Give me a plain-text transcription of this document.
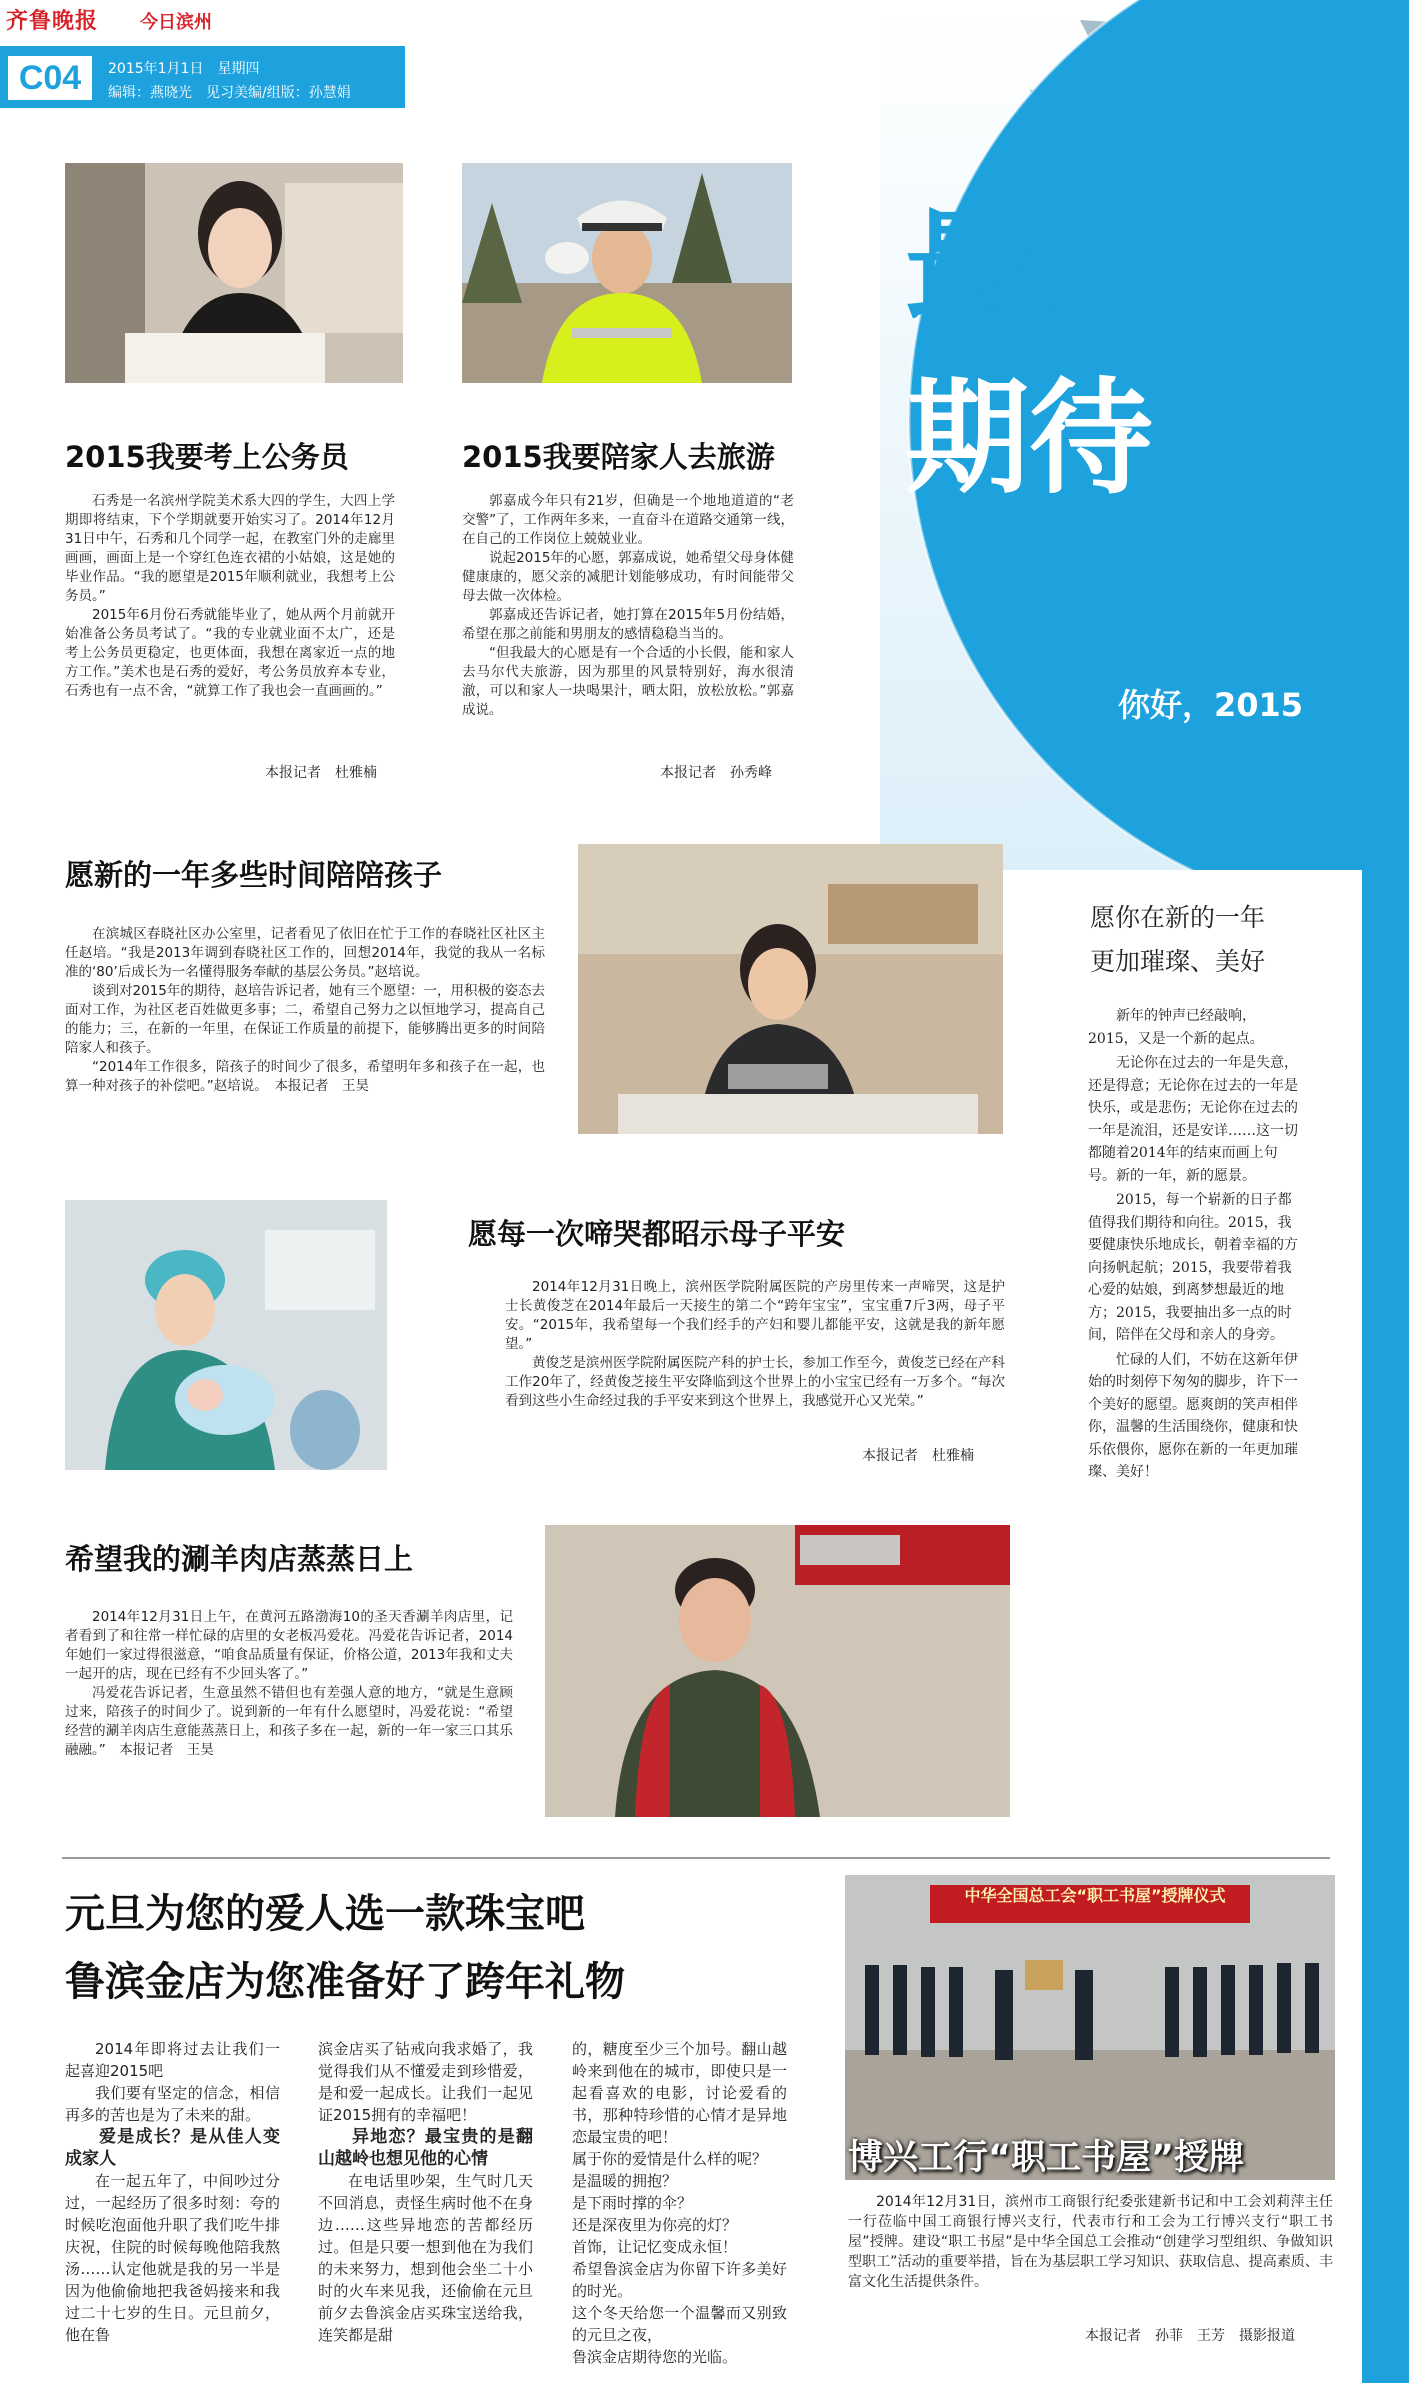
齐鲁晚报 今日滨州
C04	2015年1月1日　星期四
编辑：燕晓光　见习美编/组版：孙慧娟
最好
期待
你好，2015
2015我要考上公务员

石秀是一名滨州学院美术系大四的学生，大四上学期即将结束，下个学期就要开始实习了。2014年12月31日中午，石秀和几个同学一起，在教室门外的走廊里画画，画面上是一个穿红色连衣裙的小姑娘，这是她的毕业作品。“我的愿望是2015年顺利就业，我想考上公务员。”

2015年6月份石秀就能毕业了，她从两个月前就开始准备公务员考试了。“我的专业就业面不太广，还是考上公务员更稳定，也更体面，我想在离家近一点的地方工作。”美术也是石秀的爱好，考公务员放弃本专业，石秀也有一点不舍，“就算工作了我也会一直画画的。”

本报记者　杜雅楠
2015我要陪家人去旅游

郭嘉成今年只有21岁，但确是一个地地道道的“老交警”了，工作两年多来，一直奋斗在道路交通第一线，在自己的工作岗位上兢兢业业。

说起2015年的心愿，郭嘉成说，她希望父母身体健健康康的，愿父亲的减肥计划能够成功，有时间能带父母去做一次体检。

郭嘉成还告诉记者，她打算在2015年5月份结婚，希望在那之前能和男朋友的感情稳稳当当的。

“但我最大的心愿是有一个合适的小长假，能和家人去马尔代夫旅游，因为那里的风景特别好，海水很清澈，可以和家人一块喝果汁，晒太阳，放松放松。”郭嘉成说。

本报记者　孙秀峰
愿新的一年多些时间陪陪孩子

在滨城区春晓社区办公室里，记者看见了依旧在忙于工作的春晓社区社区主任赵培。“我是2013年调到春晓社区工作的，回想2014年，我觉的我从一名标准的‘80’后成长为一名懂得服务奉献的基层公务员。”赵培说。

谈到对2015年的期待，赵培告诉记者，她有三个愿望：一，用积极的姿态去面对工作，为社区老百姓做更多事；二，希望自己努力之以恒地学习，提高自己的能力；三，在新的一年里，在保证工作质量的前提下，能够腾出更多的时间陪陪家人和孩子。

“2014年工作很多，陪孩子的时间少了很多，希望明年多和孩子在一起，也算一种对孩子的补偿吧。”赵培说。　本报记者　王昊

愿每一次啼哭都昭示母子平安

2014年12月31日晚上，滨州医学院附属医院的产房里传来一声啼哭，这是护士长黄俊芝在2014年最后一天接生的第二个“跨年宝宝”，宝宝重7斤3两，母子平安。“2015年，我希望每一个我们经手的产妇和婴儿都能平安，这就是我的新年愿望。”

黄俊芝是滨州医学院附属医院产科的护士长，参加工作至今，黄俊芝已经在产科工作20年了，经黄俊芝接生平安降临到这个世界上的小宝宝已经有一万多个。“每次看到这些小生命经过我的手平安来到这个世界上，我感觉开心又光荣。”

本报记者　杜雅楠
希望我的涮羊肉店蒸蒸日上

2014年12月31日上午，在黄河五路渤海10的圣天香涮羊肉店里，记者看到了和往常一样忙碌的店里的女老板冯爱花。冯爱花告诉记者，2014年她们一家过得很滋意，“咱食品质量有保证，价格公道，2013年我和丈夫一起开的店，现在已经有不少回头客了。”

冯爱花告诉记者，生意虽然不错但也有差强人意的地方，“就是生意顾过来，陪孩子的时间少了。说到新的一年有什么愿望时，冯爱花说：“希望经营的涮羊肉店生意能蒸蒸日上，和孩子多在一起，新的一年一家三口其乐融融。”　本报记者　王昊

愿你在新的一年
更加璀璨、美好

新年的钟声已经敲响，2015，又是一个新的起点。

无论你在过去的一年是失意，还是得意；无论你在过去的一年是快乐，或是悲伤；无论你在过去的一年是流泪，还是安详……这一切都随着2014年的结束而画上句号。新的一年，新的愿景。

2015，每一个崭新的日子都值得我们期待和向往。2015，我要健康快乐地成长，朝着幸福的方向扬帆起航；2015，我要带着我心爱的姑娘，到离梦想最近的地方；2015，我要抽出多一点的时间，陪伴在父母和亲人的身旁。

忙碌的人们，不妨在这新年伊始的时刻停下匆匆的脚步，许下一个美好的愿望。愿爽朗的笑声相伴你，温馨的生活围绕你，健康和快乐依偎你，愿你在新的一年更加璀璨、美好！

元旦为您的爱人选一款珠宝吧
鲁滨金店为您准备好了跨年礼物

2014年即将过去让我们一起喜迎2015吧

我们要有坚定的信念，相信再多的苦也是为了未来的甜。

爱是成长？是从佳人变成家人

在一起五年了，中间吵过分过，一起经历了很多时刻：夸的时候吃泡面他升职了我们吃牛排庆祝，住院的时候每晚他陪我熬汤……认定他就是我的另一半是因为他偷偷地把我爸妈接来和我过二十七岁的生日。元旦前夕，他在鲁

滨金店买了钻戒向我求婚了，我觉得我们从不懂爱走到珍惜爱，是和爱一起成长。让我们一起见证2015拥有的幸福吧！

异地恋？最宝贵的是翻山越岭也想见他的心情

在电话里吵架，生气时几天不回消息，责怪生病时他不在身边……这些异地恋的苦都经历过。但是只要一想到他在为我们的未来努力，想到他会坐二十小时的火车来见我，还偷偷在元旦前夕去鲁滨金店买珠宝送给我，连笑都是甜

的，糖度至少三个加号。翻山越岭来到他在的城市，即使只是一起看喜欢的电影，讨论爱看的书，那种特珍惜的心情才是异地恋最宝贵的吧！

属于你的爱情是什么样的呢？

是温暖的拥抱？

是下雨时撑的伞？

还是深夜里为你亮的灯？

首饰，让记忆变成永恒！

希望鲁滨金店为你留下许多美好的时光。

这个冬天给您一个温馨而又别致的元旦之夜，

鲁滨金店期待您的光临。

中华全国总工会“职工书屋”授牌仪式
博兴工行“职工书屋”授牌

2014年12月31日，滨州市工商银行纪委张建新书记和中工会刘莉萍主任一行莅临中国工商银行博兴支行，代表市行和工会为工行博兴支行“职工书屋”授牌。建设“职工书屋”是中华全国总工会推动“创建学习型组织、争做知识型职工”活动的重要举措，旨在为基层职工学习知识、获取信息、提高素质、丰富文化生活提供条件。

本报记者　孙菲　王芳　摄影报道
